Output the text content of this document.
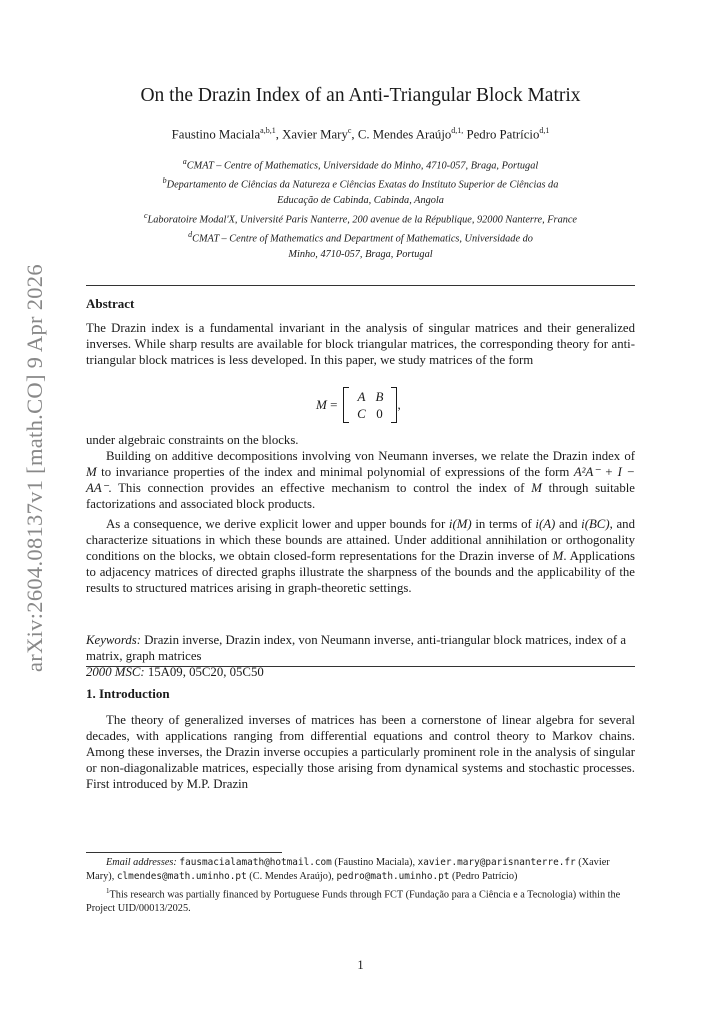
arXiv:2604.08137v1 [math.CO] 9 Apr 2026
On the Drazin Index of an Anti-Triangular Block Matrix
Faustino Maciala$^{a,b,1}$, Xavier Mary$^c$, C. Mendes Araújo$^{d,1,}$ Pedro Patrício$^{d,1}$
$^a$CMAT – Centre of Mathematics, Universidade do Minho, 4710-057, Braga, Portugal
$^b$Departamento de Ciências da Natureza e Ciências Exatas do Instituto Superior de Ciências da
Educação de Cabinda, Cabinda, Angola
$^c$Laboratoire Modal'X, Université Paris Nanterre, 200 avenue de la République, 92000 Nanterre, France
$^d$CMAT – Centre of Mathematics and Department of Mathematics, Universidade do
Minho, 4710-057, Braga, Portugal
Abstract
The Drazin index is a fundamental invariant in the analysis of singular matrices and their generalized inverses. While sharp results are available for block triangular matrices, the corresponding theory for anti-triangular block matrices is less developed. In this paper, we study matrices of the form
M =
A B
C 0
,
under algebraic constraints on the blocks.
Building on additive decompositions involving von Neumann inverses, we relate the Drazin index of M to invariance properties of the index and minimal polynomial of expressions of the form A²A⁻ + I − AA⁻. This connection provides an effective mechanism to control the index of M through suitable factorizations and associated block products.
As a consequence, we derive explicit lower and upper bounds for i(M) in terms of i(A) and i(BC), and characterize situations in which these bounds are attained. Under additional annihilation or orthogonality conditions on the blocks, we obtain closed-form representations for the Drazin inverse of M. Applications to adjacency matrices of directed graphs illustrate the sharpness of the bounds and the applicability of the results to structured matrices arising in graph-theoretic settings.
Keywords: Drazin inverse, Drazin index, von Neumann inverse, anti-triangular block matrices, index of a matrix, graph matrices
2000 MSC: 15A09, 05C20, 05C50
1. Introduction
The theory of generalized inverses of matrices has been a cornerstone of linear algebra for several decades, with applications ranging from differential equations and control theory to Markov chains. Among these inverses, the Drazin inverse occupies a particularly prominent role in the analysis of singular or non-diagonalizable matrices, especially those arising from dynamical systems and stochastic processes. First introduced by M.P. Drazin
Email addresses: fausmacialamath@hotmail.com (Faustino Maciala), xavier.mary@parisnanterre.fr (Xavier Mary), clmendes@math.uminho.pt (C. Mendes Araújo), pedro@math.uminho.pt (Pedro Patrício)
$^1$This research was partially financed by Portuguese Funds through FCT (Fundação para a Ciência e a Tecnologia) within the Project UID/00013/2025.
1
